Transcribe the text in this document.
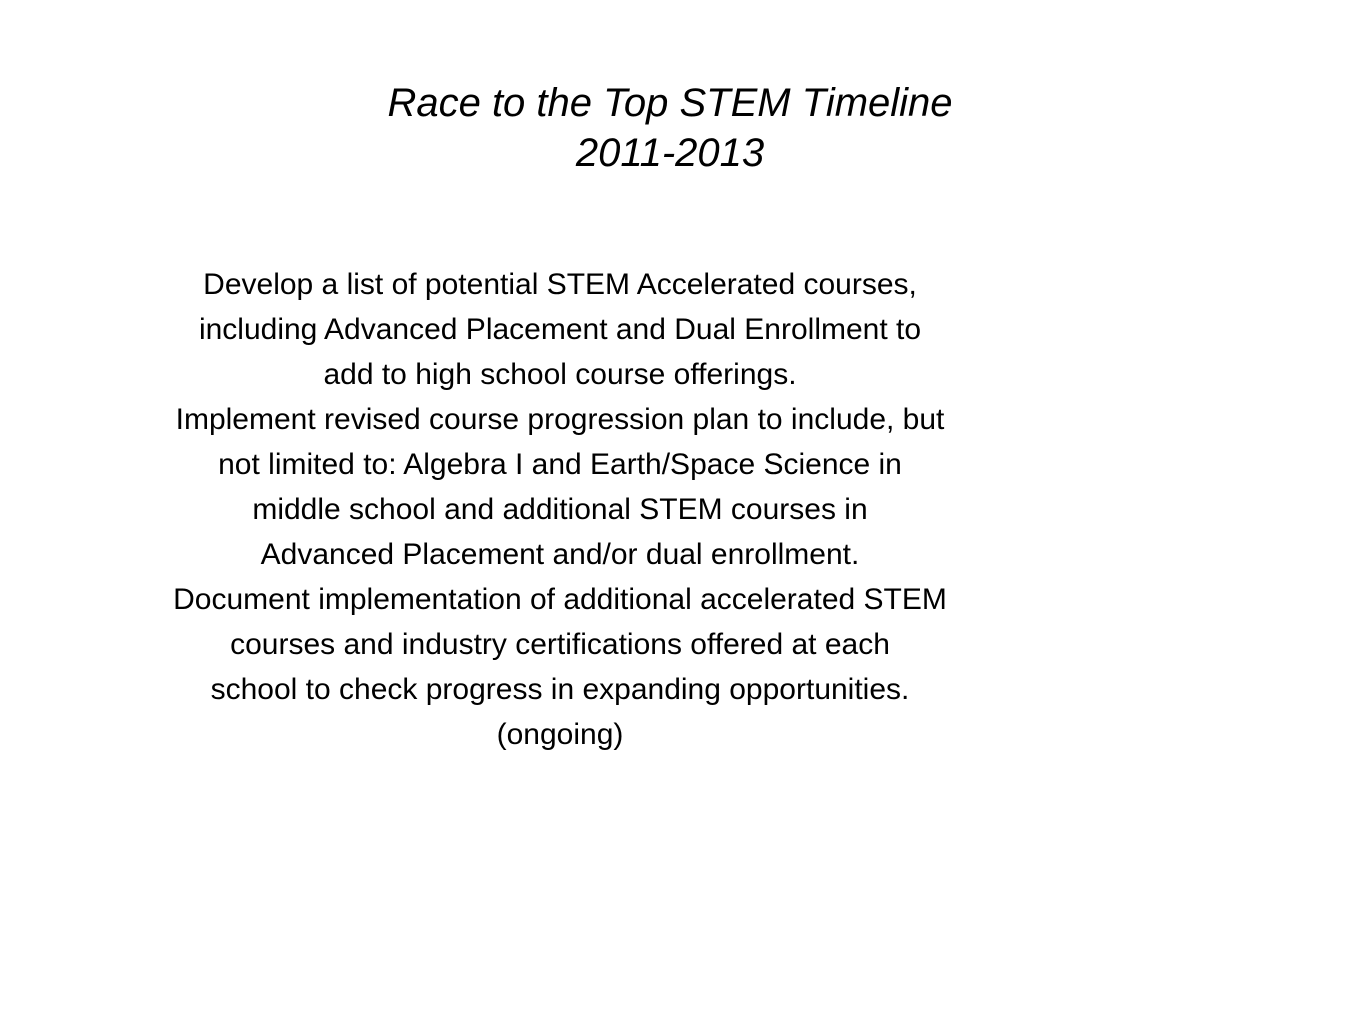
Race to the Top STEM Timeline
2011-2013

Develop a list of potential STEM Accelerated courses,
including Advanced Placement and Dual Enrollment to
add to high school course offerings.

Implement revised course progression plan to include, but
not limited to: Algebra I and Earth/Space Science in
middle school and additional STEM courses in
Advanced Placement and/or dual enrollment.

Document implementation of additional accelerated STEM
courses and industry certifications offered at each
school to check progress in expanding opportunities.
(ongoing)
